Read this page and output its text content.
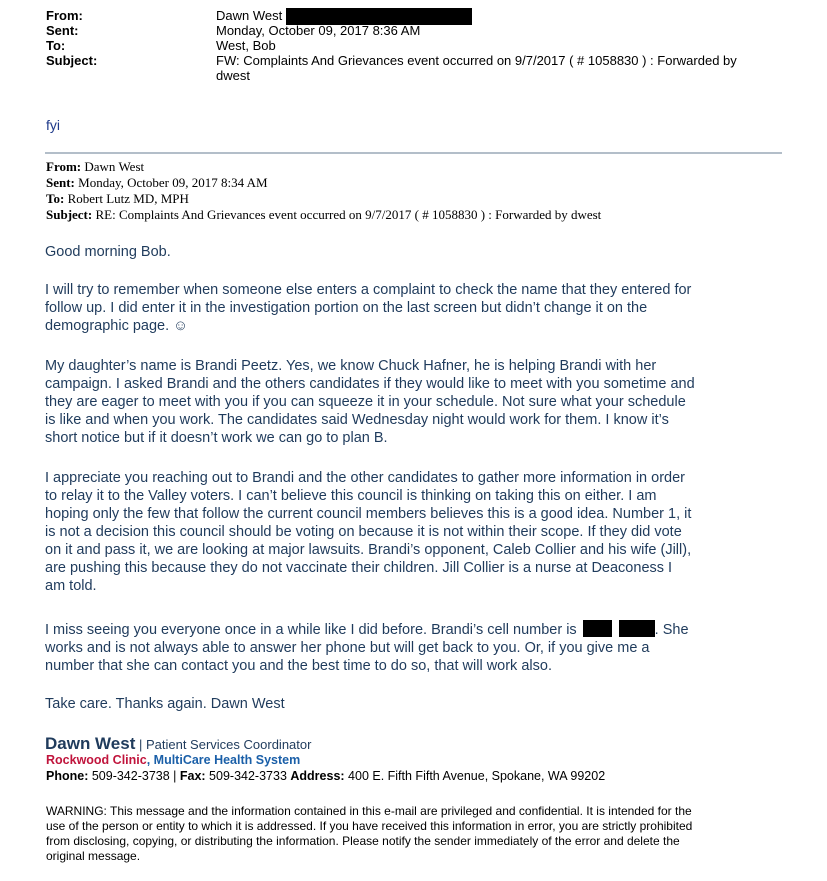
From:	Dawn West
Sent:	Monday, October 09, 2017 8:36 AM
To:	West, Bob
Subject:	FW: Complaints And Grievances event occurred on 9/7/2017 ( # 1058830 ) : Forwarded by
dwest
fyi
From: Dawn West
Sent: Monday, October 09, 2017 8:34 AM
To: Robert Lutz MD, MPH
Subject: RE: Complaints And Grievances event occurred on 9/7/2017 ( # 1058830 ) : Forwarded by dwest
Good morning Bob.
I will try to remember when someone else enters a complaint to check the name that they entered for
follow up. I did enter it in the investigation portion on the last screen but didn’t change it on the
demographic page. ☺
My daughter’s name is Brandi Peetz. Yes, we know Chuck Hafner, he is helping Brandi with her
campaign. I asked Brandi and the others candidates if they would like to meet with you sometime and
they are eager to meet with you if you can squeeze it in your schedule. Not sure what your schedule
is like and when you work. The candidates said Wednesday night would work for them. I know it’s
short notice but if it doesn’t work we can go to plan B.
I appreciate you reaching out to Brandi and the other candidates to gather more information in order
to relay it to the Valley voters. I can’t believe this council is thinking on taking this on either. I am
hoping only the few that follow the current council members believes this is a good idea. Number 1, it
is not a decision this council should be voting on because it is not within their scope. If they did vote
on it and pass it, we are looking at major lawsuits. Brandi’s opponent, Caleb Collier and his wife (Jill),
are pushing this because they do not vaccinate their children. Jill Collier is a nurse at Deaconess I
am told.
I miss seeing you everyone once in a while like I did before. Brandi’s cell number is	. She
works and is not always able to answer her phone but will get back to you. Or, if you give me a
number that she can contact you and the best time to do so, that will work also.
Take care. Thanks again. Dawn West
Dawn West | Patient Services Coordinator
Rockwood Clinic, MultiCare Health System
Phone: 509-342-3738 | Fax: 509-342-3733 Address: 400 E. Fifth Fifth Avenue, Spokane, WA 99202
WARNING: This message and the information contained in this e-mail are privileged and confidential. It is intended for the
use of the person or entity to which it is addressed. If you have received this information in error, you are strictly prohibited
from disclosing, copying, or distributing the information. Please notify the sender immediately of the error and delete the
original message.
